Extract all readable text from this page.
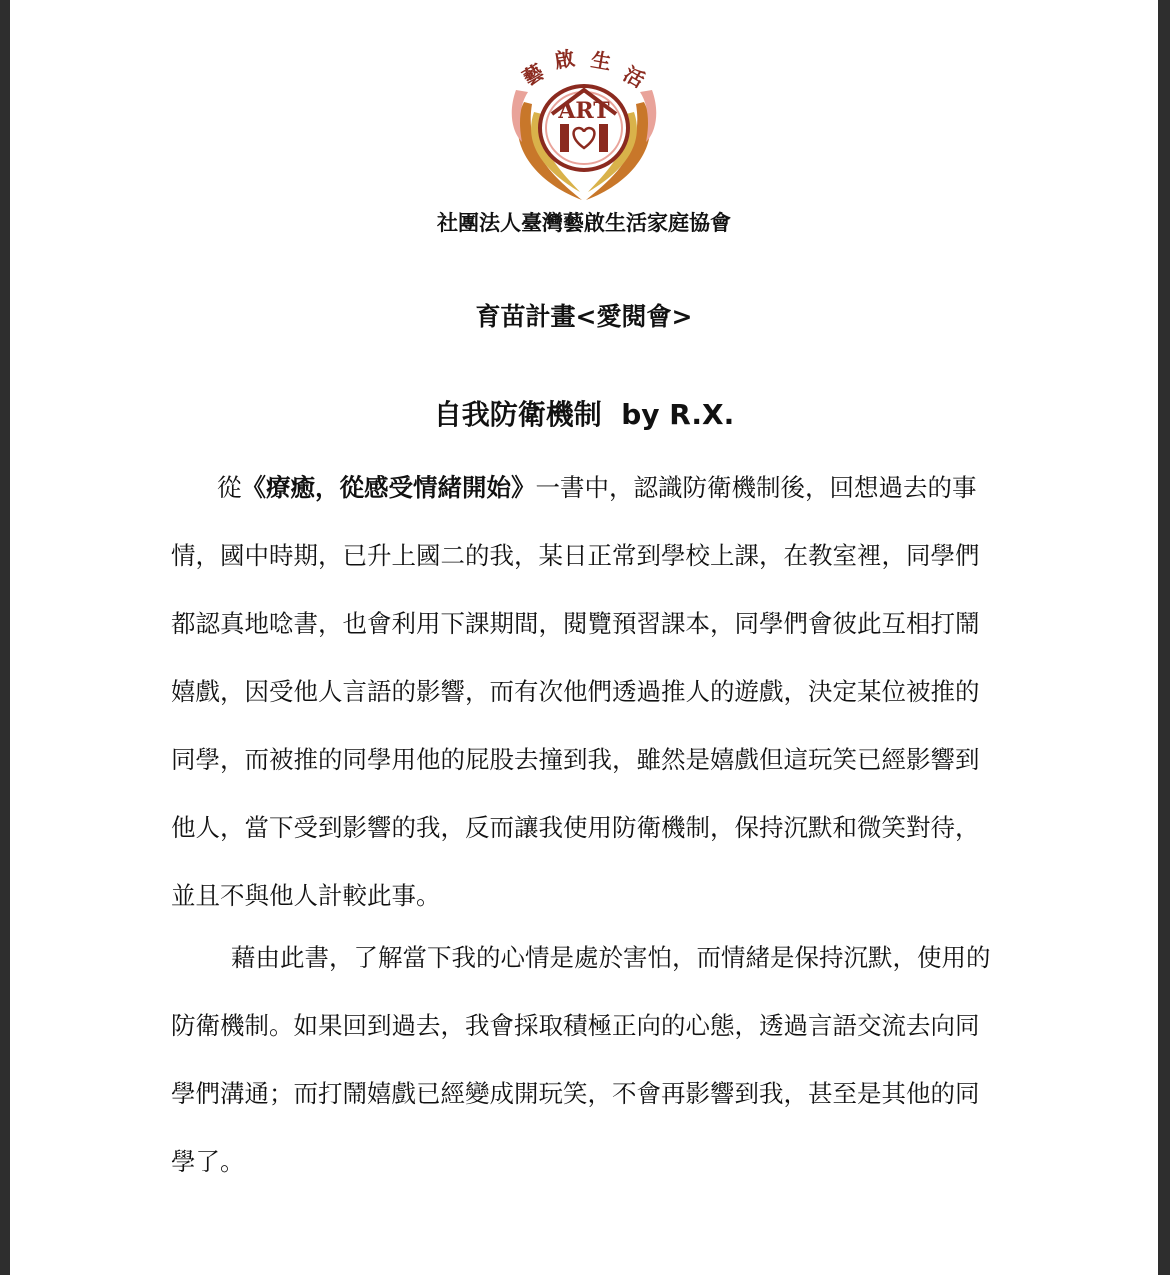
ART
藝
啟 生
活
社團法人臺灣藝啟生活家庭協會
育苗計畫<愛閱會>
自我防衛機制  by R.X.

從《療癒，從感受情緒開始》一書中，認識防衛機制後，回想過去的事情，國中時期，已升上國二的我，某日正常到學校上課，在教室裡，同學們都認真地唸書，也會利用下課期間，閱覽預習課本，同學們會彼此互相打鬧嬉戲，因受他人言語的影響，而有次他們透過推人的遊戲，決定某位被推的同學，而被推的同學用他的屁股去撞到我，雖然是嬉戲但這玩笑已經影響到他人，當下受到影響的我，反而讓我使用防衛機制，保持沉默和微笑對待，並且不與他人計較此事。

藉由此書，了解當下我的心情是處於害怕，而情緒是保持沉默，使用的防衛機制。如果回到過去，我會採取積極正向的心態，透過言語交流去向同學們溝通；而打鬧嬉戲已經變成開玩笑，不會再影響到我，甚至是其他的同學了。
